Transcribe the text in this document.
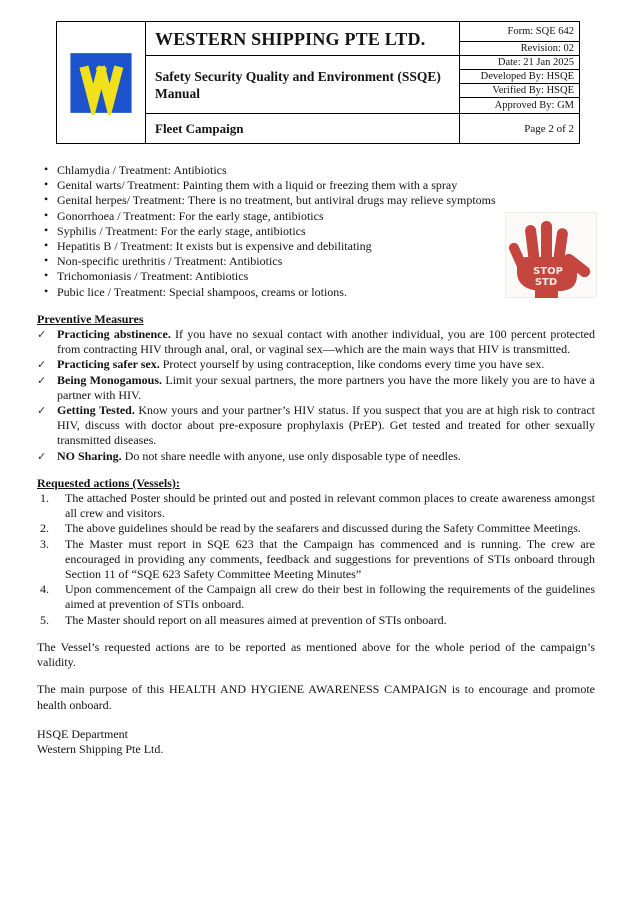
WESTERN SHIPPING PTE LTD.	Form: SQE 642
		Revision: 02

	Safety Security Quality and Environment (SSQE) Manual	Date: 21 Jan 2025
		Developed By: HSQE
		Verified By: HSQE
		Approved By: GM

	Fleet Campaign	Page 2 of 2
STOP
STD
• Chlamydia / Treatment: Antibiotics
• Genital warts/ Treatment: Painting them with a liquid or freezing them with a spray
• Genital herpes/ Treatment: There is no treatment, but antiviral drugs may relieve symptoms
• Gonorrhoea / Treatment: For the early stage, antibiotics
• Syphilis / Treatment: For the early stage, antibiotics
• Hepatitis B / Treatment: It exists but is expensive and debilitating
• Non-specific urethritis / Treatment: Antibiotics
• Trichomoniasis / Treatment: Antibiotics
• Pubic lice / Treatment: Special shampoos, creams or lotions.
Preventive Measures
✓ Practicing abstinence. If you have no sexual contact with another individual, you are 100 percent protected from contracting HIV through anal, oral, or vaginal sex—which are the main ways that HIV is transmitted.
✓ Practicing safer sex. Protect yourself by using contraception, like condoms every time you have sex.
✓ Being Monogamous. Limit your sexual partners, the more partners you have the more likely you are to have a partner with HIV.
✓ Getting Tested. Know yours and your partner’s HIV status. If you suspect that you are at high risk to contract HIV, discuss with doctor about pre-exposure prophylaxis (PrEP). Get tested and treated for other sexually transmitted diseases.
✓ NO Sharing. Do not share needle with anyone, use only disposable type of needles.
Requested actions (Vessels):
1. The attached Poster should be printed out and posted in relevant common places to create awareness amongst all crew and visitors.
2. The above guidelines should be read by the seafarers and discussed during the Safety Committee Meetings.
3. The Master must report in SQE 623 that the Campaign has commenced and is running. The crew are encouraged in providing any comments, feedback and suggestions for preventions of STIs onboard through Section 11 of “SQE 623 Safety Committee Meeting Minutes”
4. Upon commencement of the Campaign all crew do their best in following the requirements of the guidelines aimed at prevention of STIs onboard.
5. The Master should report on all measures aimed at prevention of STIs onboard.

The Vessel’s requested actions are to be reported as mentioned above for the whole period of the campaign’s validity.

The main purpose of this HEALTH AND HYGIENE AWARENESS CAMPAIGN is to encourage and promote health onboard.

HSQE Department
Western Shipping Pte Ltd.
